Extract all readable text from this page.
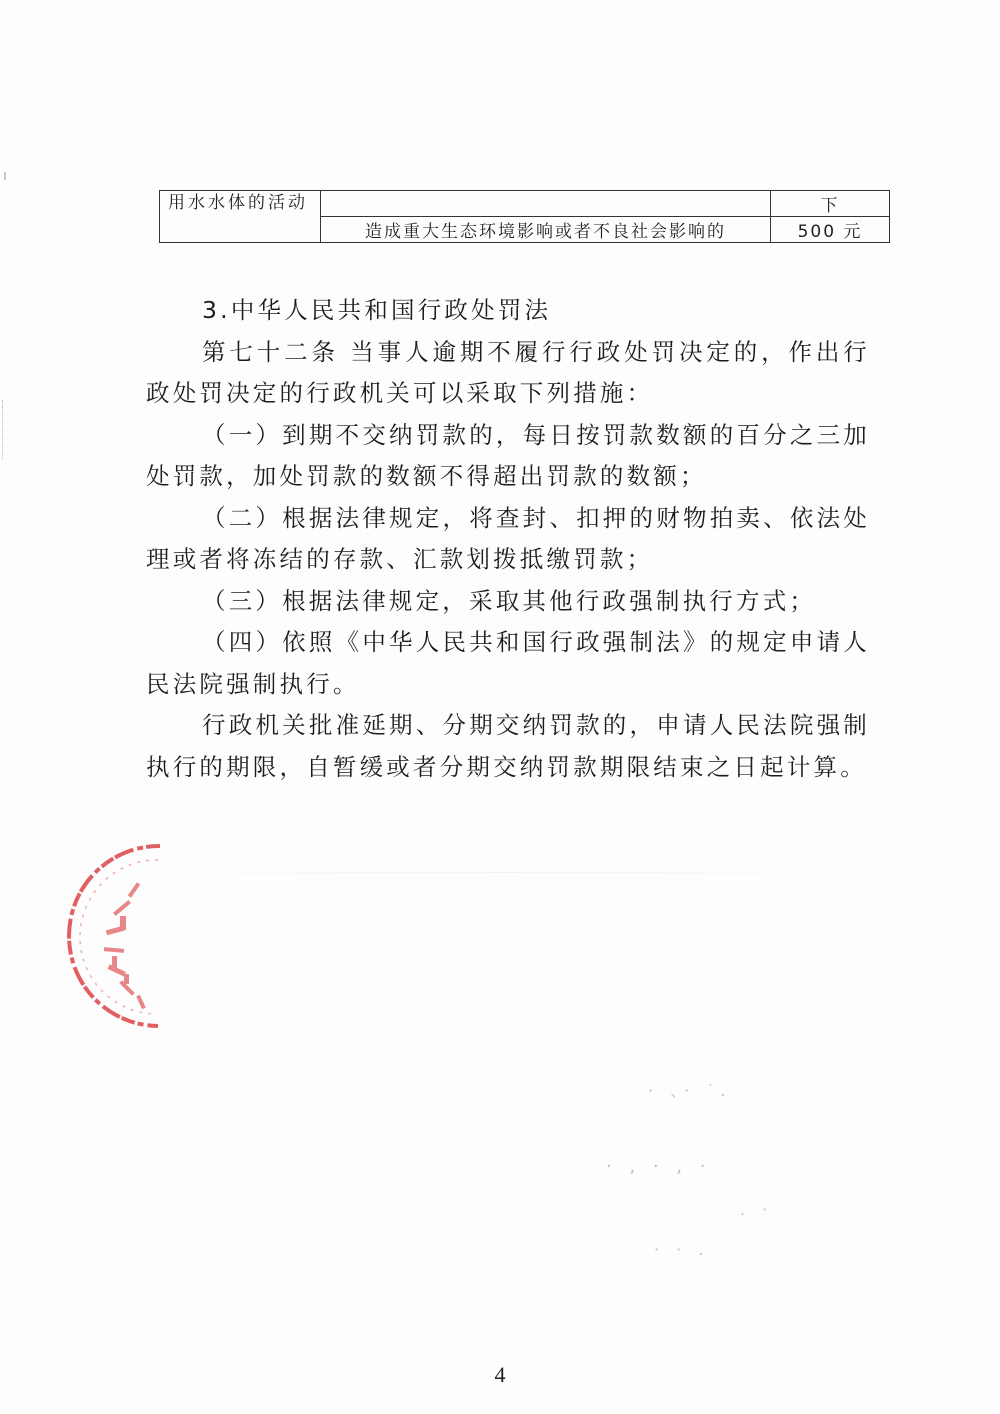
用水水体的活动		下
	造成重大生态环境影响或者不良社会影响的	500 元

3.中华人民共和国行政处罚法

第七十二条 当事人逾期不履行行政处罚决定的，作出行政处罚决定的行政机关可以采取下列措施：

（一）到期不交纳罚款的，每日按罚款数额的百分之三加处罚款，加处罚款的数额不得超出罚款的数额；

（二）根据法律规定，将查封、扣押的财物拍卖、依法处理或者将冻结的存款、汇款划拨抵缴罚款；

（三）根据法律规定，采取其他行政强制执行方式；

（四）依照《中华人民共和国行政强制法》的规定申请人民法院强制执行。

行政机关批准延期、分期交纳罚款的，申请人民法院强制执行的期限，自暂缓或者分期交纳罚款期限结束之日起计算。

· 、· ˙.
· , · , ·
. ·
· · .
4
